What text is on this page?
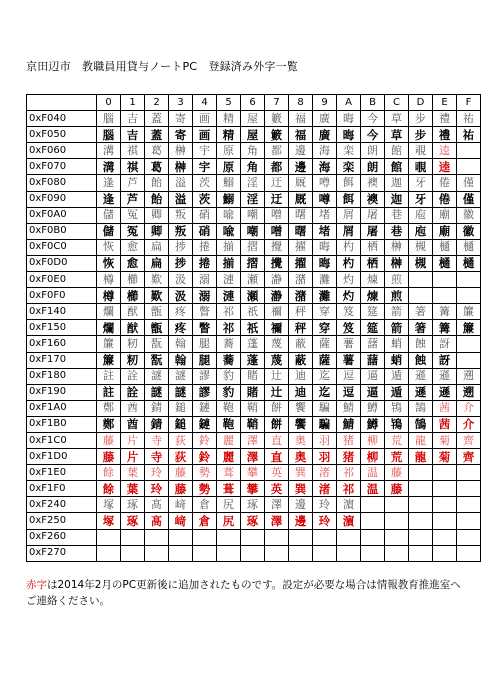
京田辺市　教職員用貸与ノートPC　登録済み外字一覧
	0	1	2	3	4	5	6	7	8	9	A	B	C	D	E	F
0xF040	腦	吉	蓋	寄	画	精	屋	籔	福	廣	晦	今	草	步	禮	祐
0xF050	腦	吉	蓋	寄	画	精	屋	籔	福	廣	晦	今	草	步	禮	祐
0xF060	溝	祺	葛	榊	宇	原	角	都	邊	海	栾	朗	館	覗	逵	
0xF070	溝	祺	葛	榊	宇	原	角	都	邊	海	栾	朗	館	覗	逵	
0xF080	逢	芦	飴	溢	茨	鰯	淫	迂	厩	噂	餌	襖	迦	牙	倦	僅
0xF090	逢	芦	飴	溢	茨	鰯	淫	迂	厩	噂	餌	襖	迦	牙	倦	僅
0xF0A0	儲	冤	卿	叛	硝	喩	嘲	噌	曙	堵	屑	屠	巷	庖	廟	徽
0xF0B0	儲	冤	卿	叛	硝	喩	嘲	噌	曙	堵	屑	屠	巷	庖	廟	徽
0xF0C0	恢	愈	扁	捗	捲	揃	摺	攪	擢	晦	杓	栖	榊	槻	樋	樋
0xF0D0	恢	愈	扁	捗	捲	揃	摺	攪	擢	晦	杓	栖	榊	槻	樋	樋
0xF0E0	樽	櫛	歎	汲	溺	漣	瀬	瀞	潴	灘	灼	煉	煎			
0xF0F0	樽	櫛	歎	汲	溺	漣	瀬	瀞	潴	灘	灼	煉	煎			
0xF140	爛	猷	甑	疼	瞥	祁	祇	禰	秤	穿	笈	筵	箭	箸	篝	簾
0xF150	爛	猷	甑	疼	瞥	祁	祇	禰	秤	穿	笈	筵	箭	箸	篝	簾
0xF160	簾	籾	翫	翰	腿	蕎	蓬	蔑	蔽	薩	薯	藷	蛸	蝕	訝	
0xF170	簾	籾	翫	翰	腿	蕎	蓬	蔑	蔽	薩	薯	藷	蛸	蝕	訝	
0xF180	註	詮	謎	謎	謬	豹	賭	辻	迪	迄	逗	逼	遁	遜	遜	遡
0xF190	註	詮	謎	謎	謬	豹	賭	辻	迪	迄	逗	逼	遁	遜	遜	遡
0xF1A0	鄭	酋	錆	鎚	鏈	鞄	鞘	餅	饗	騙	鯖	鱒	鴇	鵠	茜	介
0xF1B0	鄭	酋	錆	鎚	鏈	鞄	鞘	餅	饗	騙	鯖	鱒	鴇	鵠	茜	介
0xF1C0	藤	片	寺	荻	鈴	麗	澤	直	奥	羽	猪	柳	荒	龍	菊	齊
0xF1D0	藤	片	寺	荻	鈴	麗	澤	直	奥	羽	猪	柳	荒	龍	菊	齊
0xF1E0	餘	葉	玲	藤	勢	葺	攀	英	巽	渚	祁	温	藤			
0xF1F0	餘	葉	玲	藤	勢	葺	攀	英	巽	渚	祁	温	藤			
0xF240	塚	琢	髙	﨑	倉	尻	琢	澤	邊	玲	濵					
0xF250	塚	琢	髙	﨑	倉	尻	琢	澤	邊	玲	濵					
0xF260																
0xF270																
赤字は2014年2月のPC更新後に追加されたものです。設定が必要な場合は情報教育推進室へご連絡ください。
